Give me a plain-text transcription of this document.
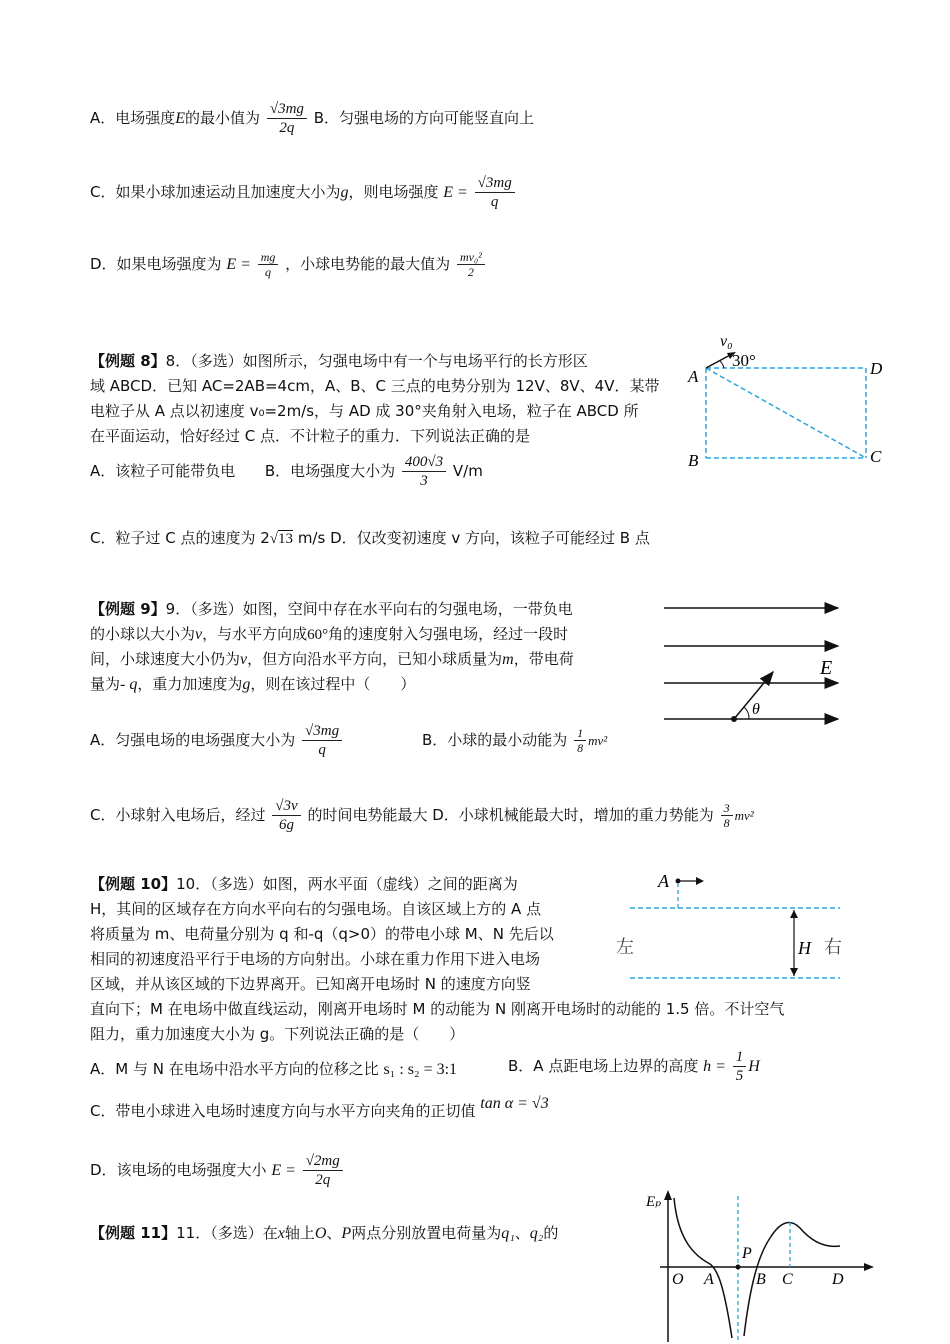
A．电场强度E的最小值为 $\frac{√3mg}{2q}$ B．匀强电场的方向可能竖直向上
C．如果小球加速运动且加速度大小为g，则电场强度 $E = \frac{√3mg}{q}$
D．如果电场强度为 $E = \frac{mg}{q}$ ，小球电势能的最大值为 $\frac{\text{mv₀²}}{2}$
【例题 8】8．（多选）如图所示，匀强电场中有一个与电场平行的长方形区
域 ABCD．已知 AC=2AB=4cm，A、B、C 三点的电势分别为 12V、8V、4V．某带
电粒子从 A 点以初速度 v₀=2m/s，与 AD 成 30°夹角射入电场，粒子在 ABCD 所
在平面运动，恰好经过 C 点．不计粒子的重力．下列说法正确的是
A．该粒子可能带负电 B．电场强度大小为 $\frac{400√3}{3} V/m$
C．粒子过 C 点的速度为 2√13 m/s D．仅改变初速度 v 方向，该粒子可能经过 B 点
v₀
30°
A	D
B	C
【例题 9】9．（多选）如图，空间中存在水平向右的匀强电场，一带负电
的小球以大小为v，与水平方向成60°角的速度射入匀强电场，经过一段时
间，小球速度大小仍为v，但方向沿水平方向，已知小球质量为m，带电荷
量为- q，重力加速度为g，则在该过程中（　　）
A．匀强电场的电场强度大小为 $\frac{√3mg}{q}$	B．小球的最小动能为 $\frac{1}{8} mv^2$
C．小球射入电场后，经过 $\frac{√3v}{6g}$ 的时间电势能最大 D．小球机械能最大时，增加的重力势能为 $\frac{3}{8} mv^2$
θ
E
【例题 10】10．（多选）如图，两水平面（虚线）之间的距离为
H，其间的区域存在方向水平向右的匀强电场。自该区域上方的 A 点
将质量为 m、电荷量分别为 q 和-q（q>0）的带电小球 M、N 先后以
相同的初速度沿平行于电场的方向射出。小球在重力作用下进入电场
区域，并从该区域的下边界离开。已知离开电场时 N 的速度方向竖
直向下；M 在电场中做直线运动，刚离开电场时 M 的动能为 N 刚离开电场时的动能的 1.5 倍。不计空气
阻力，重力加速度大小为 g。下列说法正确的是（　　）
A．M 与 N 在电场中沿水平方向的位移之比 s₁ : s₂ = 3:1	B．A 点距电场上边界的高度 $h = \frac{1}{5}$ H
C．带电小球进入电场时速度方向与水平方向夹角的正切值 tan α = √3
D．该电场的电场强度大小 $E = \frac{√2mg}{2q}$
A
左	H 右
【例题 11】11．（多选）在x轴上O、P两点分别放置电荷量为q₁、q₂的
Eₚ
P
O A	B C D
